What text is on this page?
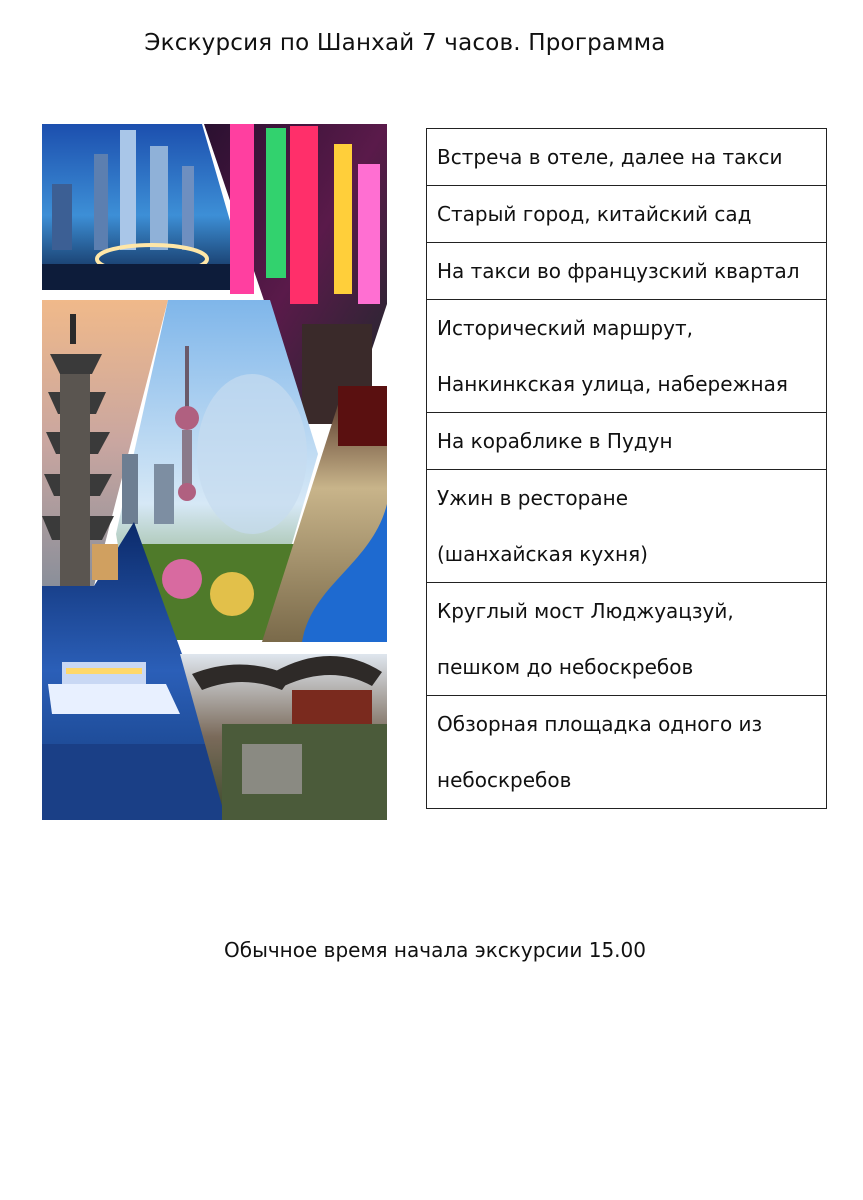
Экскурсия по Шанхай 7 часов. Программа
Встреча в отеле, далее на такси

Старый город, китайский сад

На такси во французский квартал

Исторический маршрут,
Нанкинкская улица, набережная

На кораблике в Пудун

Ужин в ресторане
(шанхайская кухня)

Круглый мост Люджуацзуй,
пешком до небоскребов

Обзорная площадка одного из
небоскребов
Обычное время начала экскурсии 15.00
